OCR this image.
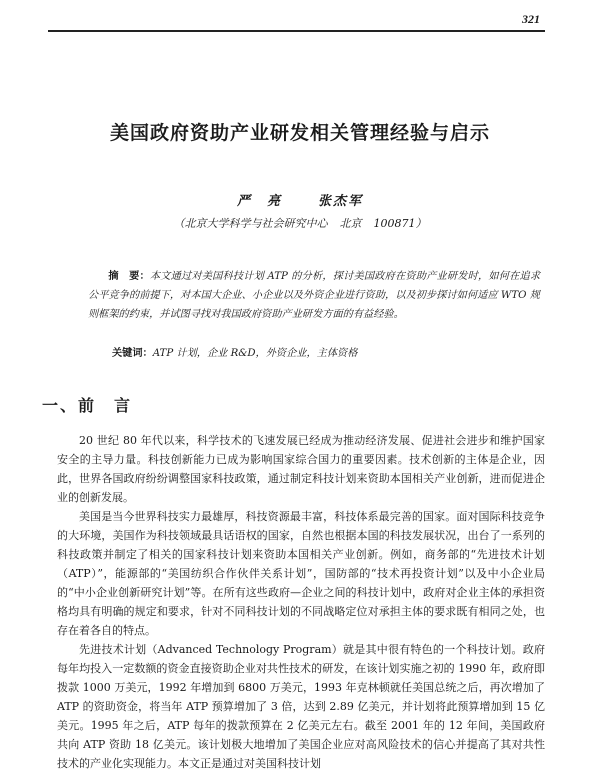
321
美国政府资助产业研发相关管理经验与启示
严　亮	张杰军
（北京大学科学与社会研究中心 北京 100871）
摘　要：本文通过对美国科技计划 ATP 的分析，探讨美国政府在资助产业研发时，如何在追求公平竞争的前提下，对本国大企业、小企业以及外资企业进行资助，以及初步探讨如何适应 WTO 规则框架的约束，并试图寻找对我国政府资助产业研发方面的有益经验。
关键词：ATP 计划，企业 R&D，外资企业，主体资格
一、前　言

20 世纪 80 年代以来，科学技术的飞速发展已经成为推动经济发展、促进社会进步和维护国家安全的主导力量。科技创新能力已成为影响国家综合国力的重要因素。技术创新的主体是企业，因此，世界各国政府纷纷调整国家科技政策，通过制定科技计划来资助本国相关产业创新，进而促进企业的创新发展。

美国是当今世界科技实力最雄厚，科技资源最丰富，科技体系最完善的国家。面对国际科技竞争的大环境，美国作为科技领域最具话语权的国家，自然也根据本国的科技发展状况，出台了一系列的科技政策并制定了相关的国家科技计划来资助本国相关产业创新。例如，商务部的“先进技术计划（ATP）”，能源部的“美国纺织合作伙伴关系计划”，国防部的“技术再投资计划”以及中小企业局的“中小企业创新研究计划”等。在所有这些政府—企业之间的科技计划中，政府对企业主体的承担资格均具有明确的规定和要求，针对不同科技计划的不同战略定位对承担主体的要求既有相同之处，也存在着各自的特点。

先进技术计划（Advanced Technology Program）就是其中很有特色的一个科技计划。政府每年均投入一定数额的资金直接资助企业对共性技术的研发，在该计划实施之初的 1990 年，政府即拨款 1000 万美元，1992 年增加到 6800 万美元，1993 年克林顿就任美国总统之后，再次增加了 ATP 的资助资金，将当年 ATP 预算增加了 3 倍，达到 2.89 亿美元，并计划将此预算增加到 15 亿美元。1995 年之后，ATP 每年的拨款预算在 2 亿美元左右。截至 2001 年的 12 年间，美国政府共向 ATP 资助 18 亿美元。该计划极大地增加了美国企业应对高风险技术的信心并提高了其对共性技术的产业化实现能力。本文正是通过对美国科技计划
